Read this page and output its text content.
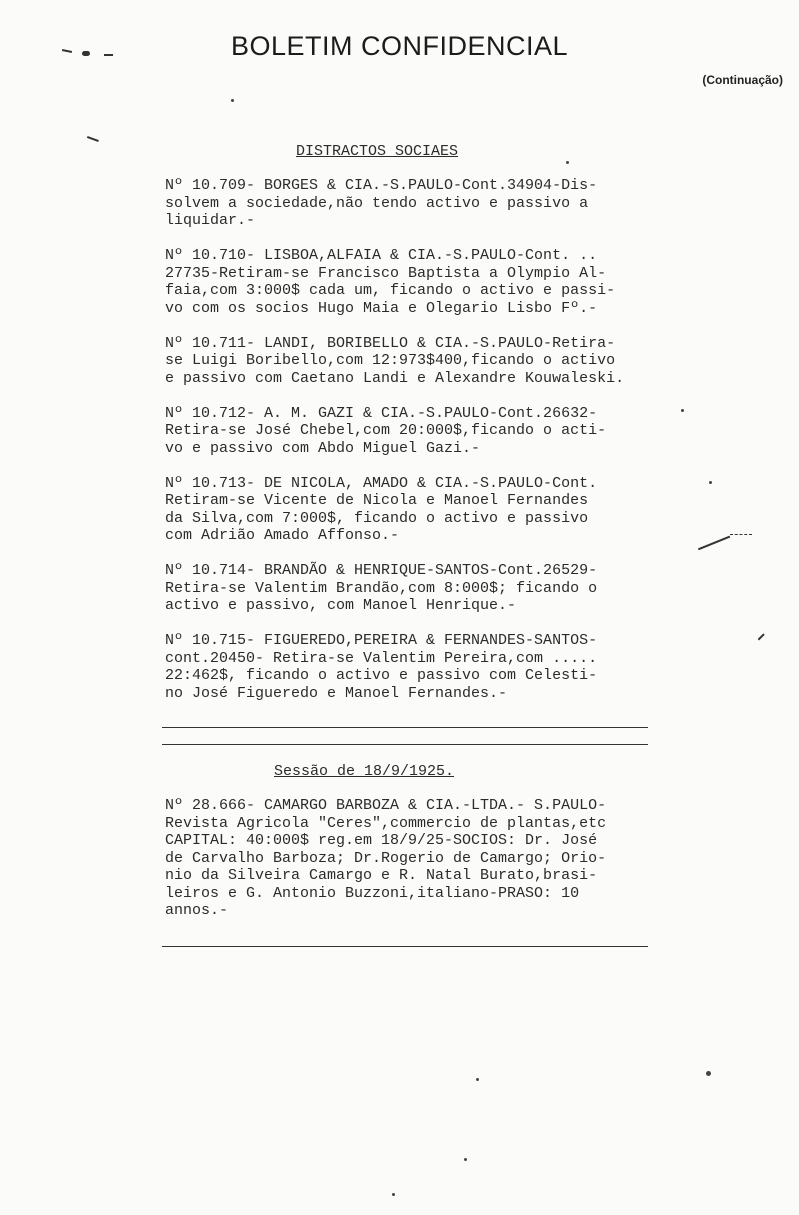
BOLETIM CONFIDENCIAL
(Continuação)
DISTRACTOS SOCIAES
Nº 10.709- BORGES & CIA.-S.PAULO-Cont.34904-Dis-
solvem a sociedade,não tendo activo e passivo a
liquidar.-
Nº 10.710- LISBOA,ALFAIA & CIA.-S.PAULO-Cont. ..
27735-Retiram-se Francisco Baptista a Olympio Al-
faia,com 3:000$ cada um, ficando o activo e passi-
vo com os socios Hugo Maia e Olegario Lisbo Fº.-
Nº 10.711- LANDI, BORIBELLO & CIA.-S.PAULO-Retira-
se Luigi Boribello,com 12:973$400,ficando o activo
e passivo com Caetano Landi e Alexandre Kouwaleski.
Nº 10.712- A. M. GAZI & CIA.-S.PAULO-Cont.26632-
Retira-se José Chebel,com 20:000$,ficando o acti-
vo e passivo com Abdo Miguel Gazi.-
Nº 10.713- DE NICOLA, AMADO & CIA.-S.PAULO-Cont.
Retiram-se Vicente de Nicola e Manoel Fernandes
da Silva,com 7:000$, ficando o activo e passivo
com Adrião Amado Affonso.-
Nº 10.714- BRANDÃO & HENRIQUE-SANTOS-Cont.26529-
Retira-se Valentim Brandão,com 8:000$; ficando o
activo e passivo, com Manoel Henrique.-
Nº 10.715- FIGUEREDO,PEREIRA & FERNANDES-SANTOS-
cont.20450- Retira-se Valentim Pereira,com .....
22:462$, ficando o activo e passivo com Celesti-
no José Figueredo e Manoel Fernandes.-
Sessão de 18/9/1925.
Nº 28.666- CAMARGO BARBOZA & CIA.-LTDA.- S.PAULO-
Revista Agricola "Ceres",commercio de plantas,etc
CAPITAL: 40:000$ reg.em 18/9/25-SOCIOS: Dr. José
de Carvalho Barboza; Dr.Rogerio de Camargo; Orio-
nio da Silveira Camargo e R. Natal Burato,brasi-
leiros e G. Antonio Buzzoni,italiano-PRASO: 10
annos.-
